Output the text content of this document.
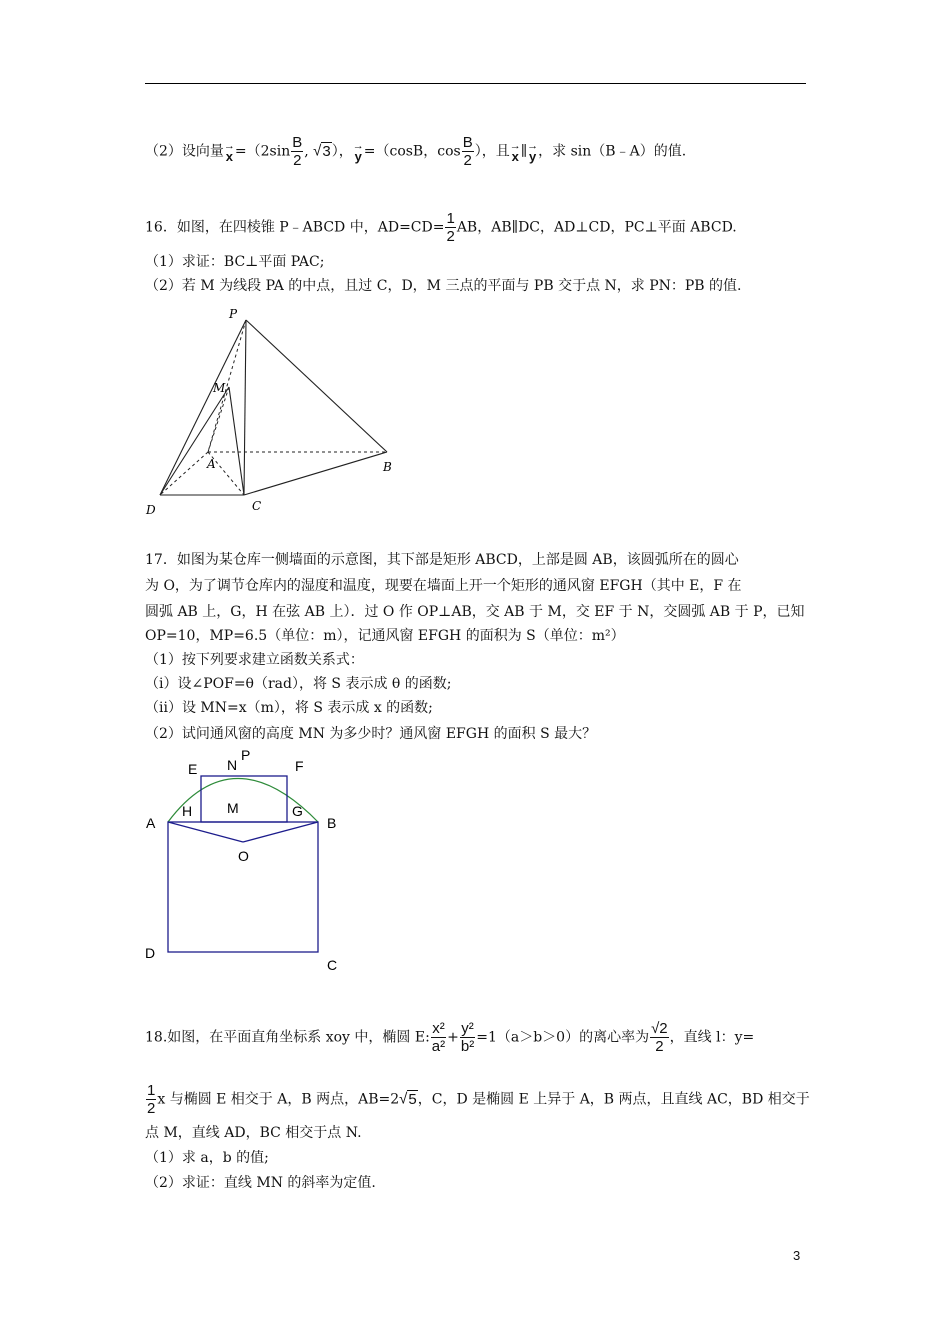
（2）设向量 →
$x =(2\sin \frac{B}{2}$ , √3）， →
y =（cosB，$\cos \frac{B}{2}$ ），且 →
x ∥ →
y ，求 sin（B﹣A）的值.
16．如图，在四棱锥 P﹣ABCD 中，$AD=CD= \frac{1}{2}$ AB，AB∥DC，AD⊥CD，PC⊥平面 ABCD.
（1）求证：BC⊥平面 PAC;
（2）若 M 为线段 PA 的中点，且过 C，D，M 三点的平面与 PB 交于点 N，求 PN：PB 的值.
P
M
A	B
C
D
17．如图为某仓库一侧墙面的示意图，其下部是矩形 ABCD，上部是圆 AB，该圆弧所在的圆心
为 O，为了调节仓库内的湿度和温度，现要在墙面上开一个矩形的通风窗 EFGH（其中 E，F 在
圆弧 AB 上，G，H 在弦 AB 上）．过 O 作 OP⊥AB，交 AB 于 M，交 EF 于 N，交圆弧 AB 于 P，已知
OP=10，MP=6.5（单位：m），记通风窗 EFGH 的面积为 S（单位：m²）
（1）按下列要求建立函数关系式：
（i）设∠POF=θ（rad），将 S 表示成 θ 的函数;
（ii）设 MN=x（m），将 S 表示成 x 的函数;
（2）试问通风窗的高度 MN 为多少时？通风窗 EFGH 的面积 S 最大？
E N
P
F
A
H M	G
B
O
D
C
18.如图，在平面直角坐标系 xoy 中，椭圆 E: $\frac{\text{x²}}{\text{a²}} + \frac{\text{y²}}{\text{b²}} =1(a>b>0)$的离心率为 $\frac{√2}{2}$ ，直线 l：y=
$\frac{1}{2}$ x 与椭圆 E 相交于 A，B 两点，AB=2√5，C，D 是椭圆 E 上异于 A，B 两点，且直线 AC，BD 相交于
点 M，直线 AD，BC 相交于点 N.
（1）求 a，b 的值;
（2）求证：直线 MN 的斜率为定值.
3
